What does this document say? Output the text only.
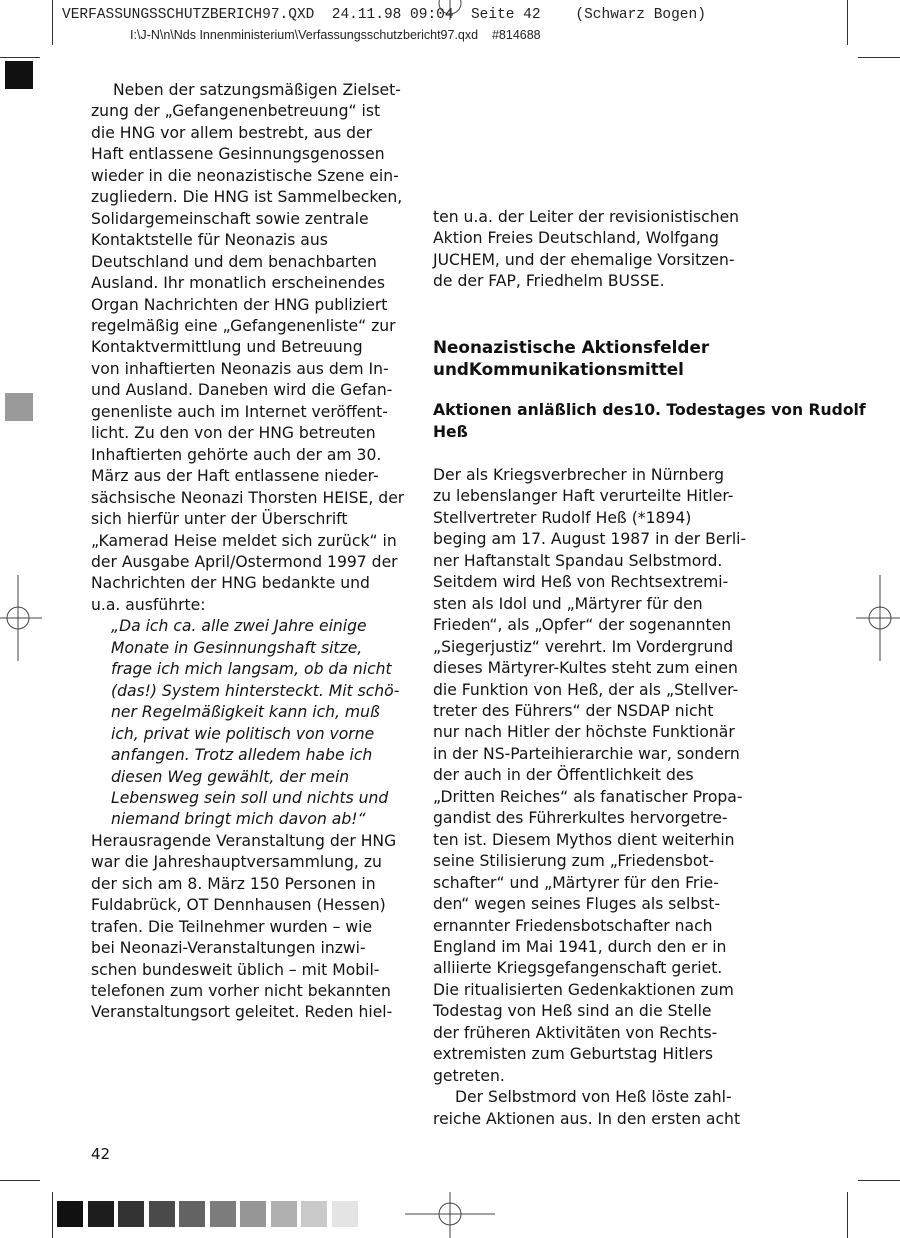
VERFASSUNGSSCHUTZBERICH97.QXD  24.11.98 09:04  Seite 42    (Schwarz Bogen)
I:\J-N\n\Nds Innenministerium\Verfassungsschutzbericht97.qxd    #814688
Neben der satzungsmäßigen Zielset-
zung der „Gefangenenbetreuung“ ist
die HNG vor allem bestrebt, aus der
Haft entlassene Gesinnungsgenossen
wieder in die neonazistische Szene ein-
zugliedern. Die HNG ist Sammelbecken,
Solidargemeinschaft sowie zentrale
Kontaktstelle für Neonazis aus
Deutschland und dem benachbarten
Ausland. Ihr monatlich erscheinendes
Organ Nachrichten der HNG publiziert
regelmäßig eine „Gefangenenliste“ zur
Kontaktvermittlung und Betreuung
von inhaftierten Neonazis aus dem In-
und Ausland. Daneben wird die Gefan-
genenliste auch im Internet veröffent-
licht. Zu den von der HNG betreuten
Inhaftierten gehörte auch der am 30.
März aus der Haft entlassene nieder-
sächsische Neonazi Thorsten HEISE, der
sich hierfür unter der Überschrift
„Kamerad Heise meldet sich zurück“ in
der Ausgabe April/Ostermond 1997 der
Nachrichten der HNG bedankte und
u.a. ausführte:
„Da ich ca. alle zwei Jahre einige
Monate in Gesinnungshaft sitze,
frage ich mich langsam, ob da nicht
(das!) System hintersteckt. Mit schö-
ner Regelmäßigkeit kann ich, muß
ich, privat wie politisch von vorne
anfangen. Trotz alledem habe ich
diesen Weg gewählt, der mein
Lebensweg sein soll und nichts und
niemand bringt mich davon ab!“
Herausragende Veranstaltung der HNG
war die Jahreshauptversammlung, zu
der sich am 8. März 150 Personen in
Fuldabrück, OT Dennhausen (Hessen)
trafen. Die Teilnehmer wurden – wie
bei Neonazi-Veranstaltungen inzwi-
schen bundesweit üblich – mit Mobil-
telefonen zum vorher nicht bekannten
Veranstaltungsort geleitet. Reden hiel-
ten u.a. der Leiter der revisionistischen
Aktion Freies Deutschland, Wolfgang
JUCHEM, und der ehemalige Vorsitzen-
de der FAP, Friedhelm BUSSE.
Neonazistische Aktionsfelder undKommunikationsmittel
Aktionen anläßlich des10. Todestages von Rudolf Heß
Der als Kriegsverbrecher in Nürnberg
zu lebenslanger Haft verurteilte Hitler-
Stellvertreter Rudolf Heß (*1894)
beging am 17. August 1987 in der Berli-
ner Haftanstalt Spandau Selbstmord.
Seitdem wird Heß von Rechtsextremi-
sten als Idol und „Märtyrer für den
Frieden“, als „Opfer“ der sogenannten
„Siegerjustiz“ verehrt. Im Vordergrund
dieses Märtyrer-Kultes steht zum einen
die Funktion von Heß, der als „Stellver-
treter des Führers“ der NSDAP nicht
nur nach Hitler der höchste Funktionär
in der NS-Parteihierarchie war, sondern
der auch in der Öffentlichkeit des
„Dritten Reiches“ als fanatischer Propa-
gandist des Führerkultes hervorgetre-
ten ist. Diesem Mythos dient weiterhin
seine Stilisierung zum „Friedensbot-
schafter“ und „Märtyrer für den Frie-
den“ wegen seines Fluges als selbst-
ernannter Friedensbotschafter nach
England im Mai 1941, durch den er in
alliierte Kriegsgefangenschaft geriet.
Die ritualisierten Gedenkaktionen zum
Todestag von Heß sind an die Stelle
der früheren Aktivitäten von Rechts-
extremisten zum Geburtstag Hitlers
getreten.
Der Selbstmord von Heß löste zahl-
reiche Aktionen aus. In den ersten acht
42
